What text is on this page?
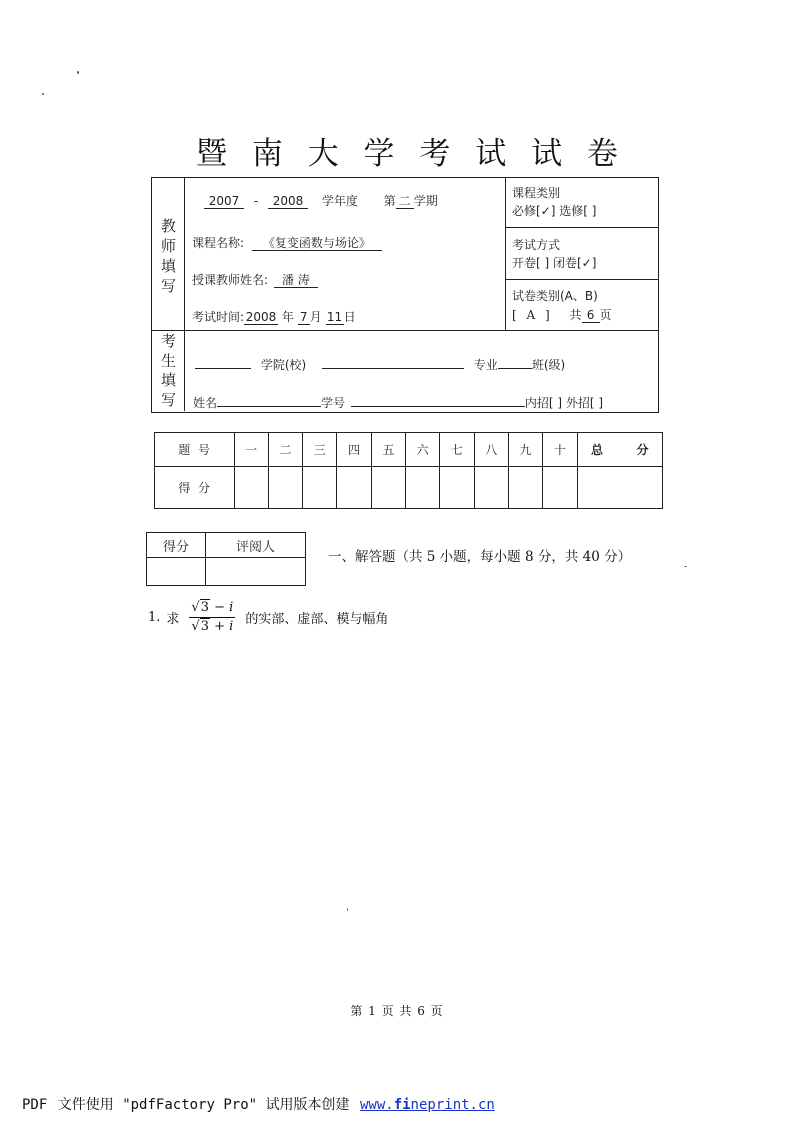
暨 南 大 学 考 试 试 卷
教
师
填
写
2007 - 2008 学年度 第 二 学期
课程名称: 《复变函数与场论》
授课教师姓名: 潘 涛
考试时间: 2008 年 7 月 11日
课程类别
必修[✓] 选修[ ]
考试方式
开卷[ ] 闭卷[✓]
试卷类别(A、B)
[ A ] 共 6 页
考
生
填
写
学院(校)	专业	班(级)
姓名	学号	内招[ ] 外招[ ]
题  号	一	二	三	四	五	六	七	八	九	十	总        分
得  分											
得分	评阅人

一、解答题（共 5 小题，每小题 8 分，共 40 分）
1. 求 $\frac{√3 - i}{√3 + i}$ 的实部、虚部、模与幅角
第 1 页 共 6 页
PDF 文件使用 "pdfFactory Pro" 试用版本创建 www.fineprint.cn
